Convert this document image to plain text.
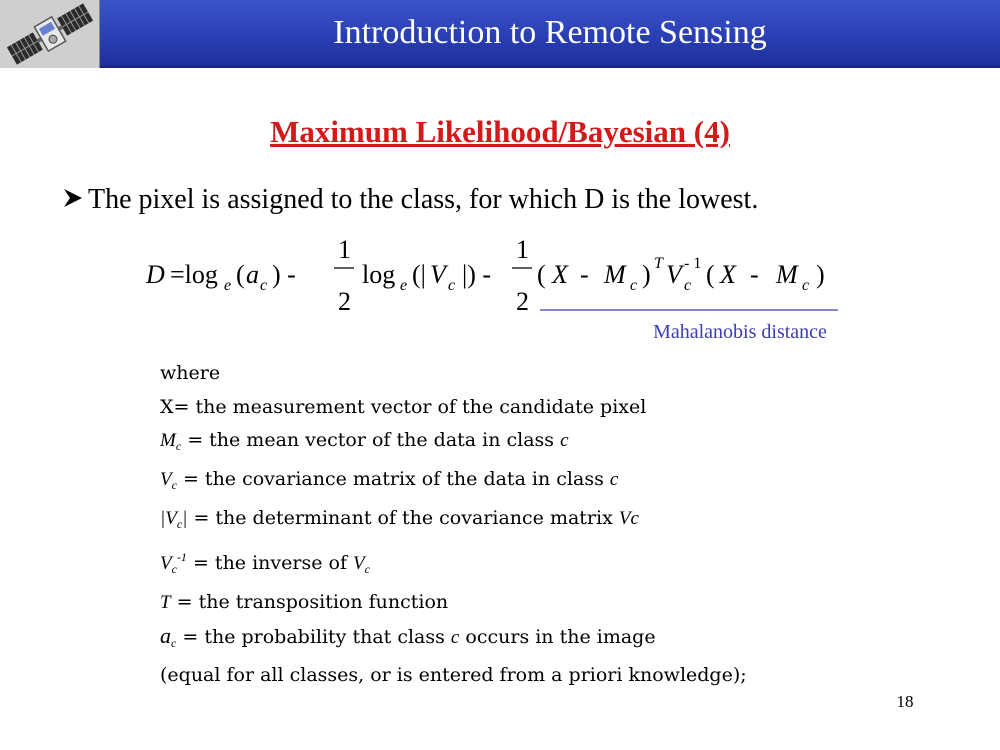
Introduction to Remote Sensing
Maximum Likelihood/Bayesian (4)
The pixel is assigned to the class, for which D is the lowest.
D =log e ( a c ) -
1
2
log e (| V c |) -
1
2
( X - M c ) T V c
- 1 ( X - M c )
Mahalanobis distance
where
X= the measurement vector of the candidate pixel
$M_c$ = the mean vector of the data in class c
$V_c$ = the covariance matrix of the data in class c
$|V_c|$ = the determinant of the covariance matrix Vc
$V_c^{-1}$ = the inverse of $V_c$
T = the transposition function
$a_c$ = the probability that class c occurs in the image
(equal for all classes, or is entered from a priori knowledge);
18
